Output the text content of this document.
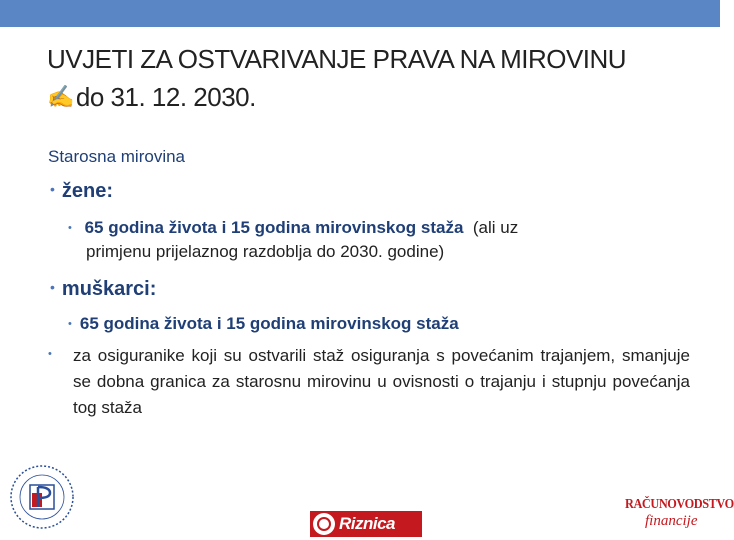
UVJETI ZA OSTVARIVANJE PRAVA NA MIROVINU
✍ do 31. 12. 2030.
Starosna mirovina
• žene:
• 65 godina života i 15 godina mirovinskog staža  (ali uz
primjenu prijelaznog razdoblja do 2030. godine)
• muškarci:
• 65 godina života i 15 godina mirovinskog staža
•	za osiguranike koji su ostvarili staž osiguranja s povećanim trajanjem, smanjuje se dobna granica za starosnu mirovinu u ovisnosti o trajanju i stupnju povećanja tog staža
Riznica
RAČUNOVODSTVO
financije
